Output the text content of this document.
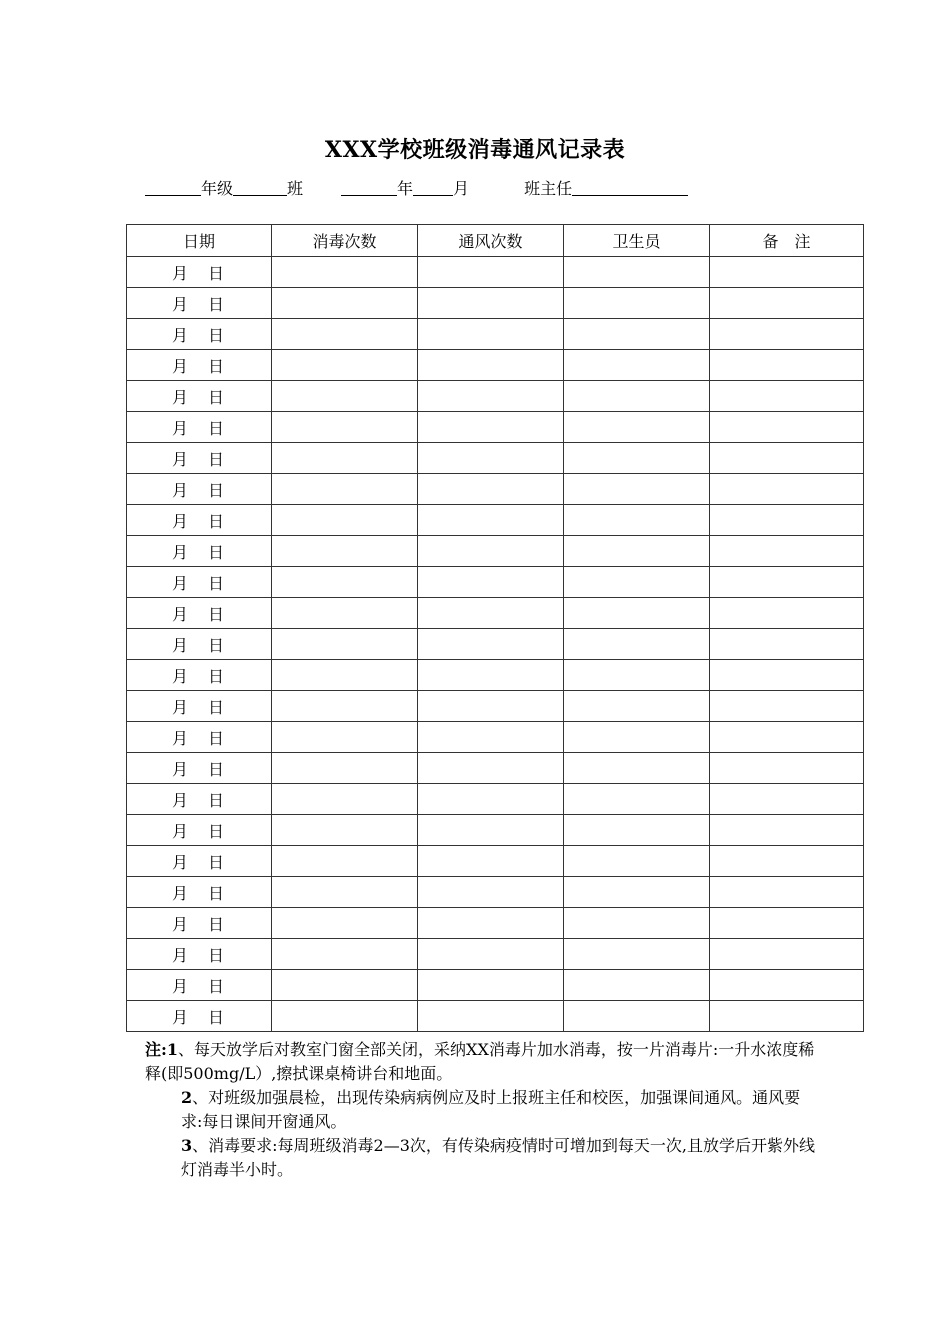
XXX学校班级消毒通风记录表
年级	班	年	月	班主任
日期	消毒次数	通风次数	卫生员	备　注
月　日				
月　日				
月　日				
月　日				
月　日				
月　日				
月　日				
月　日				
月　日				
月　日				
月　日				
月　日				
月　日				
月　日				
月　日				
月　日				
月　日				
月　日				
月　日				
月　日				
月　日				
月　日				
月　日				
月　日				
月　日				

注:1、每天放学后对教室门窗全部关闭，采纳XX消毒片加水消毒，按一片消毒片:一升水浓度稀释(即500mg/L）,擦拭课桌椅讲台和地面。

2、对班级加强晨检，出现传染病病例应及时上报班主任和校医，加强课间通风。通风要求:每日课间开窗通风。

3、消毒要求:每周班级消毒2—3次，有传染病疫情时可增加到每天一次,且放学后开紫外线灯消毒半小时。
